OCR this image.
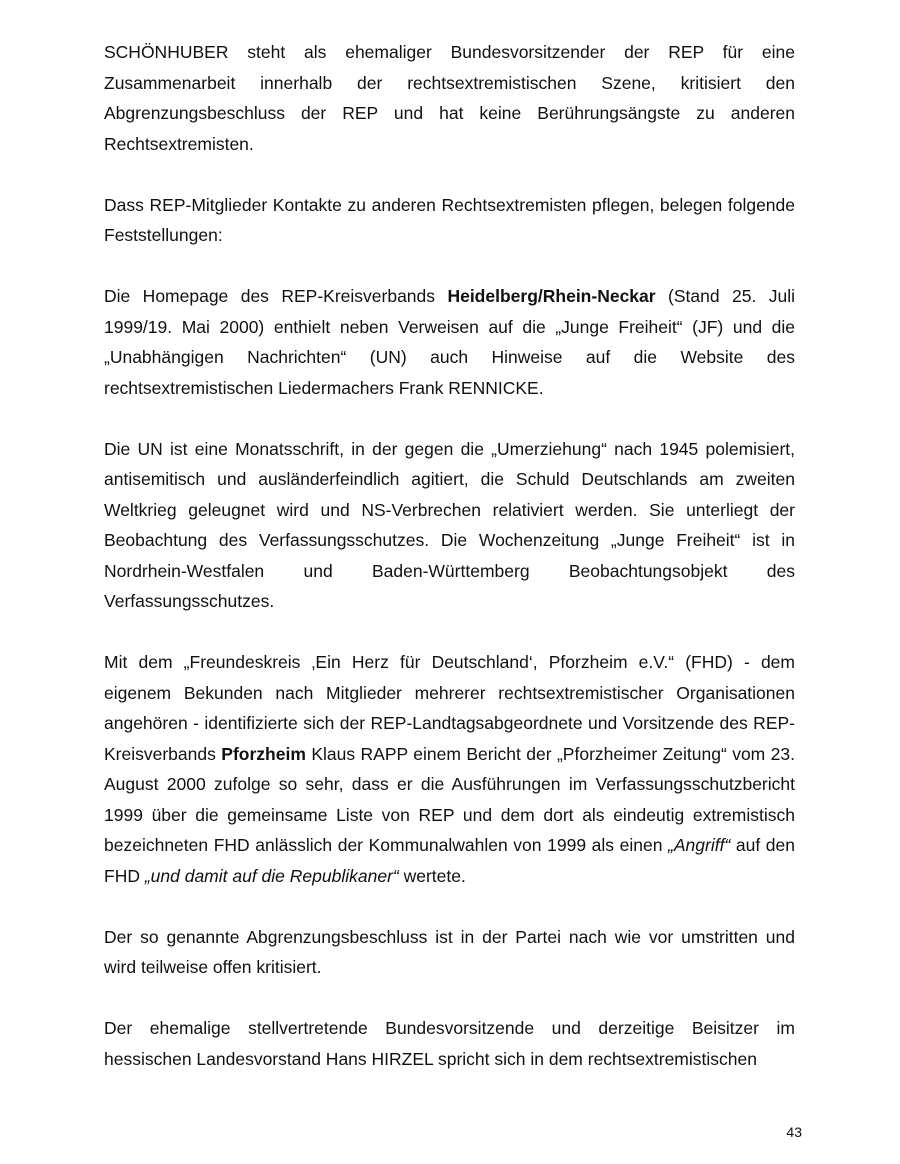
SCHÖNHUBER steht als ehemaliger Bundesvorsitzender der REP für eine Zusammenarbeit innerhalb der rechtsextremistischen Szene, kritisiert den Abgrenzungsbeschluss der REP und hat keine Berührungsängste zu anderen Rechtsextremisten.

Dass REP-Mitglieder Kontakte zu anderen Rechtsextremisten pflegen, belegen folgende Feststellungen:

Die Homepage des REP-Kreisverbands Heidelberg/Rhein-Neckar (Stand 25. Juli 1999/19. Mai 2000) enthielt neben Verweisen auf die „Junge Freiheit“ (JF) und die „Unabhängigen Nachrichten“ (UN) auch Hinweise auf die Website des rechtsextremistischen Liedermachers Frank RENNICKE.

Die UN ist eine Monatsschrift, in der gegen die „Umerziehung“ nach 1945 polemisiert, antisemitisch und ausländerfeindlich agitiert, die Schuld Deutschlands am zweiten Weltkrieg geleugnet wird und NS-Verbrechen relativiert werden. Sie unterliegt der Beobachtung des Verfassungsschutzes. Die Wochenzeitung „Junge Freiheit“ ist in Nordrhein-Westfalen und Baden-Württemberg Beobachtungsobjekt des Verfassungsschutzes.

Mit dem „Freundeskreis ‚Ein Herz für Deutschland‘, Pforzheim e.V.“ (FHD) - dem eigenem Bekunden nach Mitglieder mehrerer rechtsextremistischer Organisationen angehören - identifizierte sich der REP-Landtagsabgeordnete und Vorsitzende des REP-Kreisverbands Pforzheim Klaus RAPP einem Bericht der „Pforzheimer Zeitung“ vom 23. August 2000 zufolge so sehr, dass er die Ausführungen im Verfassungsschutzbericht 1999 über die gemeinsame Liste von REP und dem dort als eindeutig extremistisch bezeichneten FHD anlässlich der Kommunalwahlen von 1999 als einen „Angriff“ auf den FHD „und damit auf die Republikaner“ wertete.

Der so genannte Abgrenzungsbeschluss ist in der Partei nach wie vor umstritten und wird teilweise offen kritisiert.

Der ehemalige stellvertretende Bundesvorsitzende und derzeitige Beisitzer im hessischen Landesvorstand Hans HIRZEL spricht sich in dem rechtsextremistischen

43
